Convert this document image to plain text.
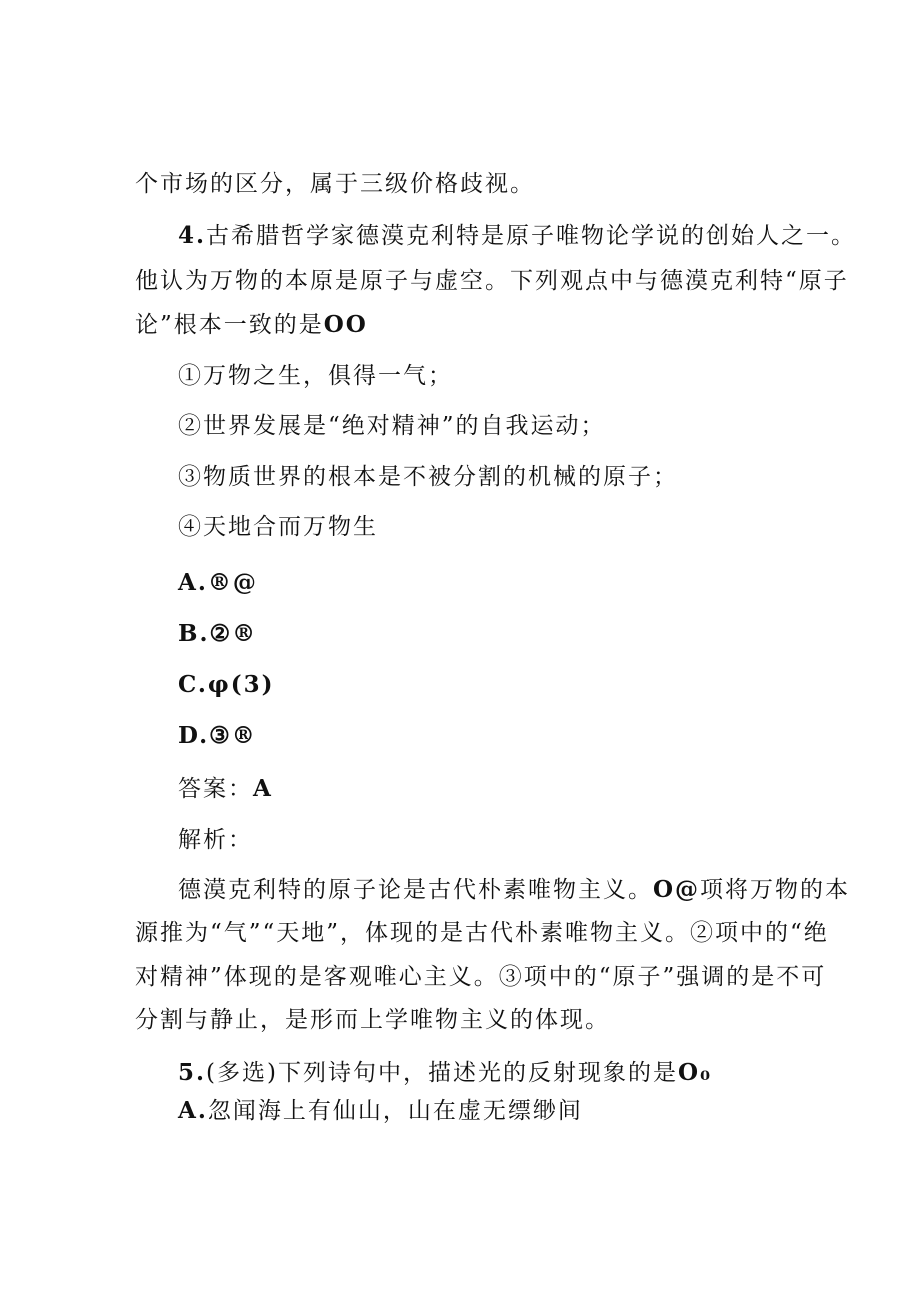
个市场的区分，属于三级价格歧视。
4.古希腊哲学家德漠克利特是原子唯物论学说的创始人之一。
他认为万物的本原是原子与虚空。下列观点中与德漠克利特“原子
论”根本一致的是OO
①万物之生，俱得一气；
②世界发展是“绝对精神”的自我运动；
③物质世界的根本是不被分割的机械的原子；
④天地合而万物生
A.®@
B.②®
C.φ(3)
D.③®
答案：A
解析：
德漠克利特的原子论是古代朴素唯物主义。O@项将万物的本
源推为“气”“天地”，体现的是古代朴素唯物主义。②项中的“绝
对精神”体现的是客观唯心主义。③项中的“原子”强调的是不可
分割与静止，是形而上学唯物主义的体现。
5.(多选)下列诗句中，描述光的反射现象的是O₀
A.忽闻海上有仙山，山在虚无缥缈间
